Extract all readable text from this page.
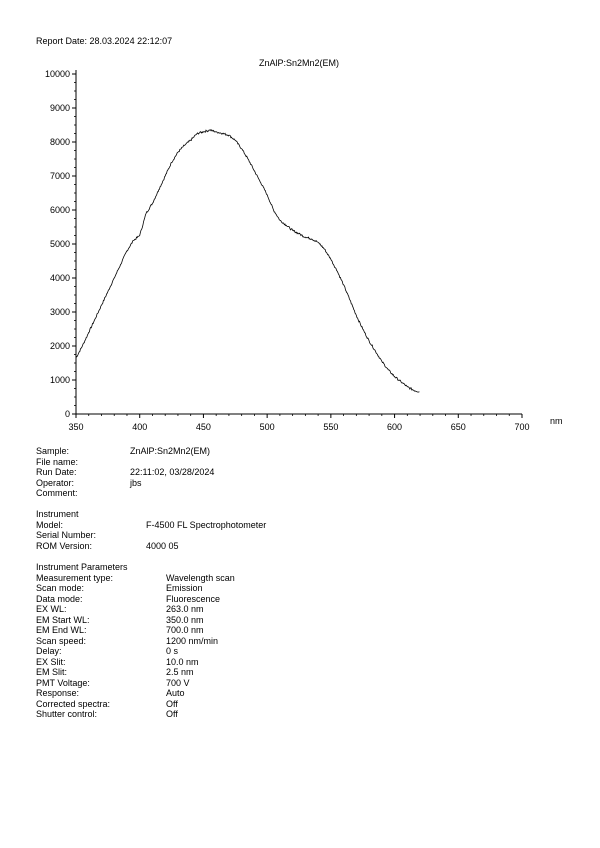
Report Date: 28.03.2024 22:12:07
ZnAlP:Sn2Mn2(EM)
350	400	450	500	550	600	650	700
0
1000
2000
3000
4000
5000
6000
7000
8000
9000
10000
nm
Sample:	ZnAlP:Sn2Mn2(EM)
File name:
Run Date:	22:11:02, 03/28/2024
Operator:	jbs
Comment:
Instrument
Model:	F-4500 FL Spectrophotometer
Serial Number:
ROM Version:	4000 05
Instrument Parameters
Measurement type:	Wavelength scan
Scan mode:	Emission
Data mode:	Fluorescence
EX WL:	263.0 nm
EM Start WL:	350.0 nm
EM End WL:	700.0 nm
Scan speed:	1200 nm/min
Delay:	0 s
EX Slit:	10.0 nm
EM Slit:	2.5 nm
PMT Voltage:	700 V
Response:	Auto
Corrected spectra:	Off
Shutter control:	Off
